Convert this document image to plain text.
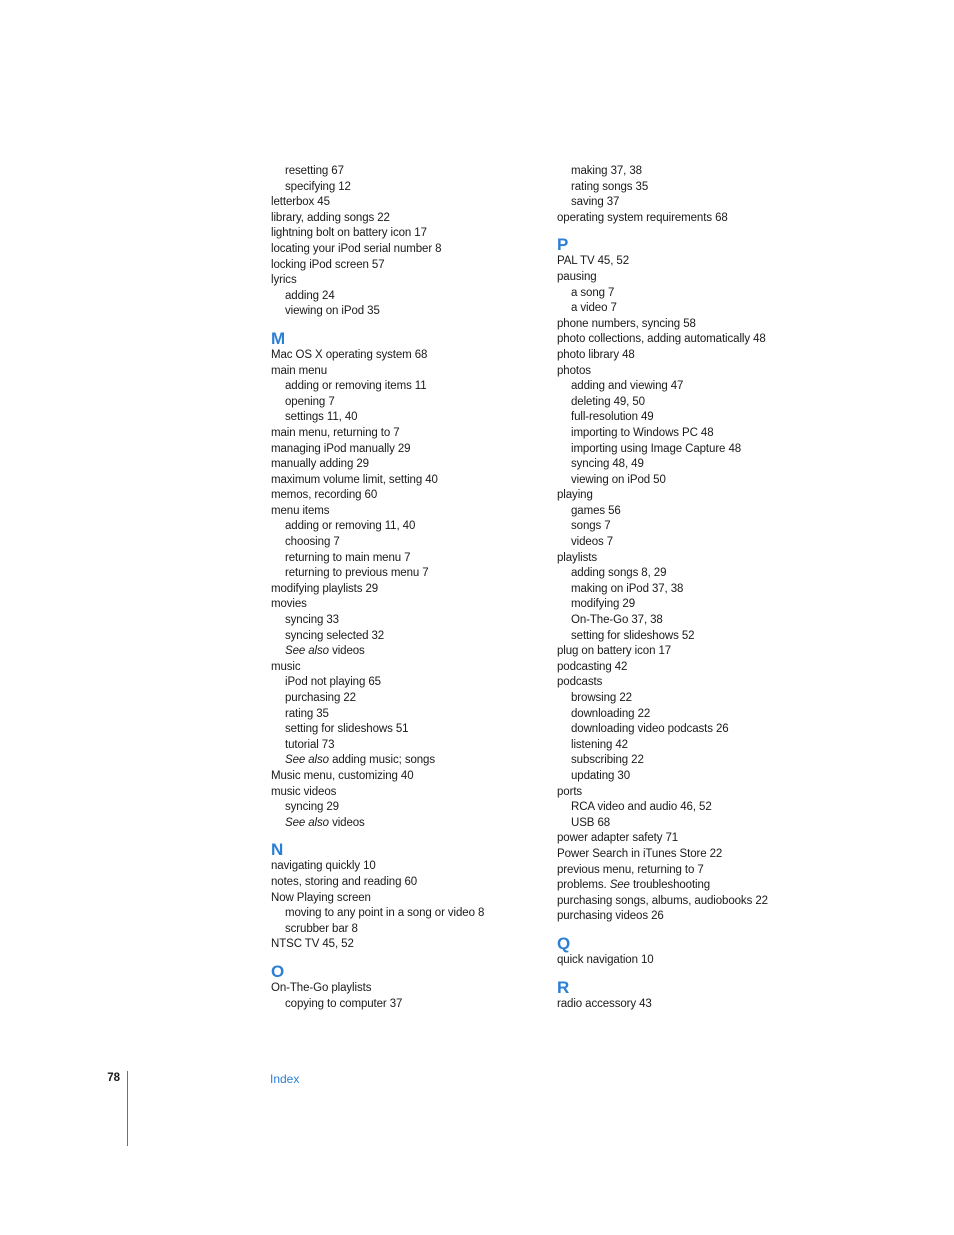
resetting 67
specifying 12
letterbox 45
library, adding songs 22
lightning bolt on battery icon 17
locating your iPod serial number 8
locking iPod screen 57
lyrics
adding 24
viewing on iPod 35
M
Mac OS X operating system 68
main menu
adding or removing items 11
opening 7
settings 11, 40
main menu, returning to 7
managing iPod manually 29
manually adding 29
maximum volume limit, setting 40
memos, recording 60
menu items
adding or removing 11, 40
choosing 7
returning to main menu 7
returning to previous menu 7
modifying playlists 29
movies
syncing 33
syncing selected 32
See also videos
music
iPod not playing 65
purchasing 22
rating 35
setting for slideshows 51
tutorial 73
See also adding music; songs
Music menu, customizing 40
music videos
syncing 29
See also videos
N
navigating quickly 10
notes, storing and reading 60
Now Playing screen
moving to any point in a song or video 8
scrubber bar 8
NTSC TV 45, 52
O
On-The-Go playlists
copying to computer 37
making 37, 38
rating songs 35
saving 37
operating system requirements 68
P
PAL TV 45, 52
pausing
a song 7
a video 7
phone numbers, syncing 58
photo collections, adding automatically 48
photo library 48
photos
adding and viewing 47
deleting 49, 50
full-resolution 49
importing to Windows PC 48
importing using Image Capture 48
syncing 48, 49
viewing on iPod 50
playing
games 56
songs 7
videos 7
playlists
adding songs 8, 29
making on iPod 37, 38
modifying 29
On-The-Go 37, 38
setting for slideshows 52
plug on battery icon 17
podcasting 42
podcasts
browsing 22
downloading 22
downloading video podcasts 26
listening 42
subscribing 22
updating 30
ports
RCA video and audio 46, 52
USB 68
power adapter safety 71
Power Search in iTunes Store 22
previous menu, returning to 7
problems. See troubleshooting
purchasing songs, albums, audiobooks 22
purchasing videos 26
Q
quick navigation 10
R
radio accessory 43
78	Index
